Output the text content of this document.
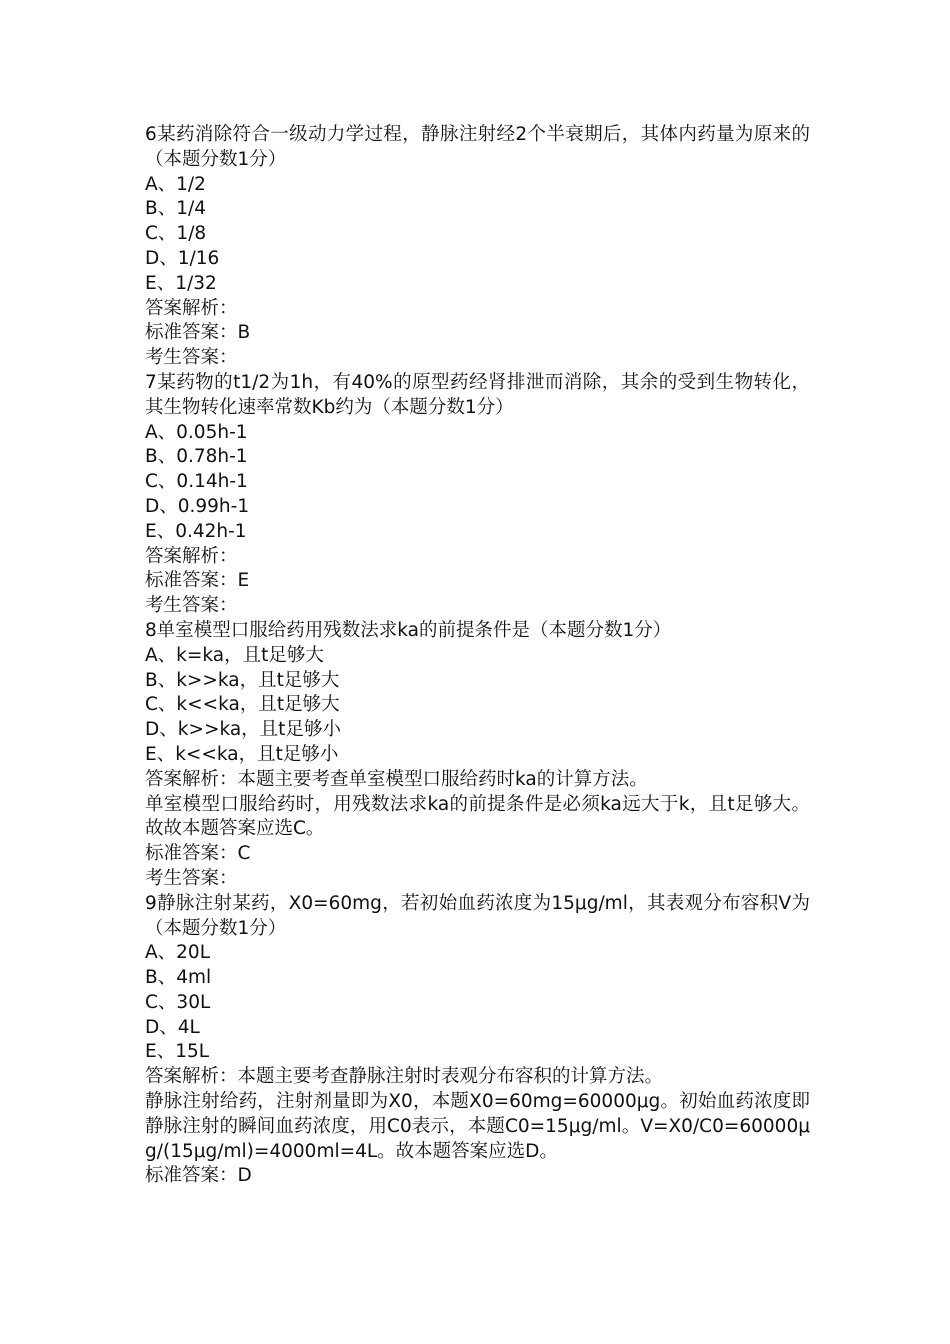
6某药消除符合一级动力学过程，静脉注射经2个半衰期后，其体内药量为原来的（本题分数1分）
A、1/2
B、1/4
C、1/8
D、1/16
E、1/32
答案解析：
标准答案：B
考生答案：
7某药物的t1/2为1h，有40%的原型药经肾排泄而消除，其余的受到生物转化，其生物转化速率常数Kb约为（本题分数1分）
A、0.05h-1
B、0.78h-1
C、0.14h-1
D、0.99h-1
E、0.42h-1
答案解析：
标准答案：E
考生答案：
8单室模型口服给药用残数法求ka的前提条件是（本题分数1分）
A、k=ka，且t足够大
B、k>>ka，且t足够大
C、k<<ka，且t足够大
D、k>>ka，且t足够小
E、k<<ka，且t足够小
答案解析：本题主要考查单室模型口服给药时ka的计算方法。
单室模型口服给药时，用残数法求ka的前提条件是必须ka远大于k，且t足够大。故故本题答案应选C。
标准答案：C
考生答案：
9静脉注射某药，X0=60mg，若初始血药浓度为15μg/ml，其表观分布容积V为（本题分数1分）
A、20L
B、4ml
C、30L
D、4L
E、15L
答案解析：本题主要考查静脉注射时表观分布容积的计算方法。
静脉注射给药，注射剂量即为X0，本题X0=60mg=60000μg。初始血药浓度即静脉注射的瞬间血药浓度，用C0表示，本题C0=15μg/ml。V=X0/C0=60000μg/(15μg/ml)=4000ml=4L。故本题答案应选D。
标准答案：D
